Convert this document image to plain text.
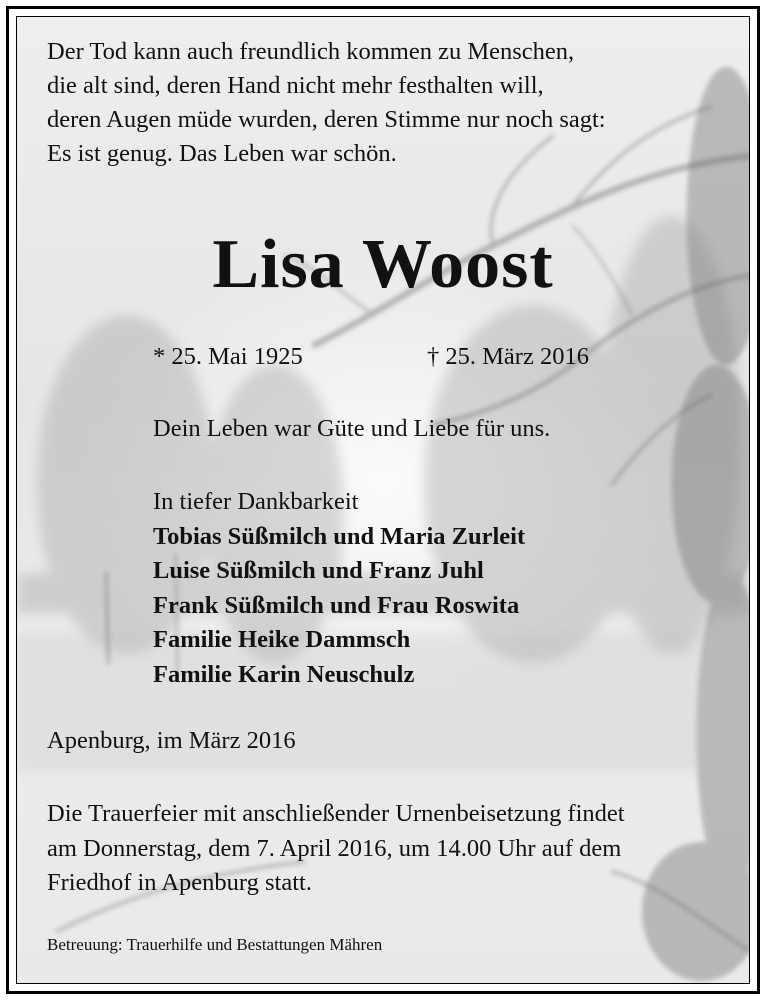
Der Tod kann auch freundlich kommen zu Menschen,
die alt sind, deren Hand nicht mehr festhalten will,
deren Augen müde wurden, deren Stimme nur noch sagt:
Es ist genug. Das Leben war schön.
Lisa Woost
* 25. Mai 1925	† 25. März 2016
Dein Leben war Güte und Liebe für uns.
In tiefer Dankbarkeit
Tobias Süßmilch und Maria Zurleit
Luise Süßmilch und Franz Juhl
Frank Süßmilch und Frau Roswita
Familie Heike Dammsch
Familie Karin Neuschulz
Apenburg, im März 2016
Die Trauerfeier mit anschließender Urnenbeisetzung findet
am Donnerstag, dem 7. April 2016, um 14.00 Uhr auf dem
Friedhof in Apenburg statt.
Betreuung: Trauerhilfe und Bestattungen Mähren
